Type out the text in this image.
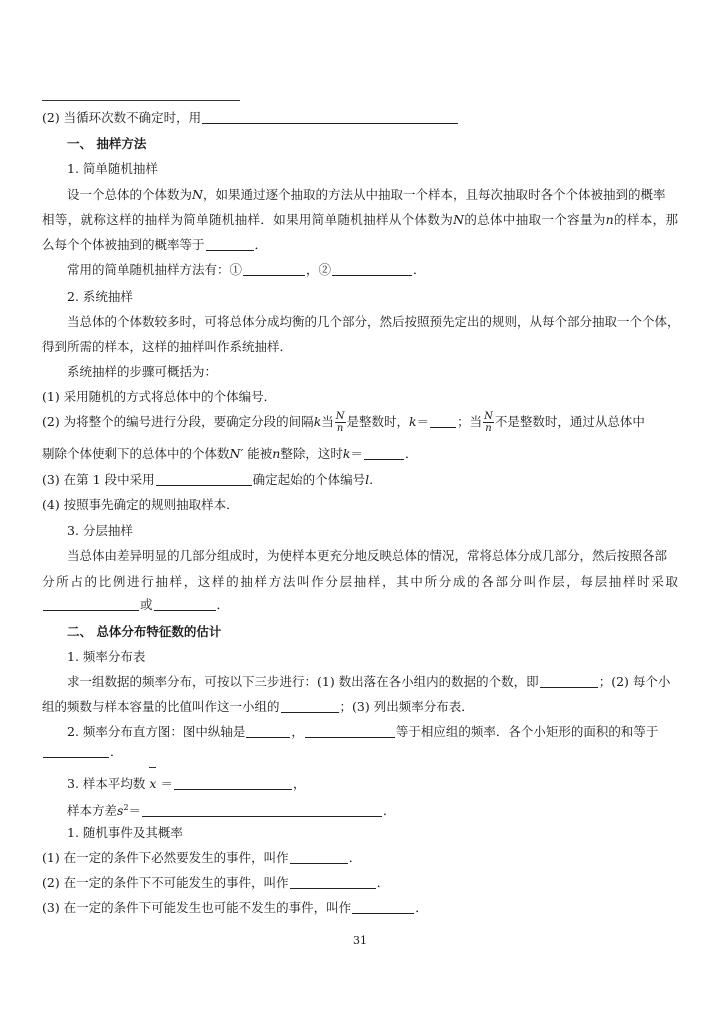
(2) 当循环次数不确定时，用
一、 抽样方法
1. 简单随机抽样
设一个总体的个体数为N，如果通过逐个抽取的方法从中抽取一个样本，且每次抽取时各个个体被抽到的概率
相等，就称这样的抽样为简单随机抽样．如果用简单随机抽样从个体数为N的总体中抽取一个容量为n的样本，那
么每个个体被抽到的概率等于	．
常用的简单随机抽样方法有：①	，②	．
2. 系统抽样
当总体的个体数较多时，可将总体分成均衡的几个部分，然后按照预先定出的规则，从每个部分抽取一个个体，
得到所需的样本，这样的抽样叫作系统抽样．
系统抽样的步骤可概括为：
(1) 采用随机的方式将总体中的个体编号．
(2) 为将整个的编号进行分段，要确定分段的间隔k当 $\frac{N}{n}$ 是整数时，k＝ ；当 $\frac{N}{n}$ 不是整数时，通过从总体中
剔除个体使剩下的总体中的个体数N′ 能被n整除，这时k＝	．
(3) 在第 1 段中采用	确定起始的个体编号l.
(4) 按照事先确定的规则抽取样本．
3. 分层抽样
当总体由差异明显的几部分组成时，为使样本更充分地反映总体的情况，常将总体分成几部分，然后按照各部
分所占的比例进行抽样，这样的抽样方法叫作分层抽样，其中所分成的各部分叫作层，每层抽样时采取
或	．
二、 总体分布特征数的估计
1. 频率分布表
求一组数据的频率分布，可按以下三步进行：(1) 数出落在各小组内的数据的个数，即	；(2) 每个小
组的频数与样本容量的比值叫作这一小组的	；(3) 列出频率分布表．
2. 频率分布直方图：图中纵轴是	，	等于相应组的频率．各个小矩形的面积的和等于
．
3. 样本平均数 x ＝	，
样本方差$s^2=$	．
1. 随机事件及其概率
(1) 在一定的条件下必然要发生的事件，叫作	．
(2) 在一定的条件下不可能发生的事件，叫作	．
(3) 在一定的条件下可能发生也可能不发生的事件，叫作	．
31
